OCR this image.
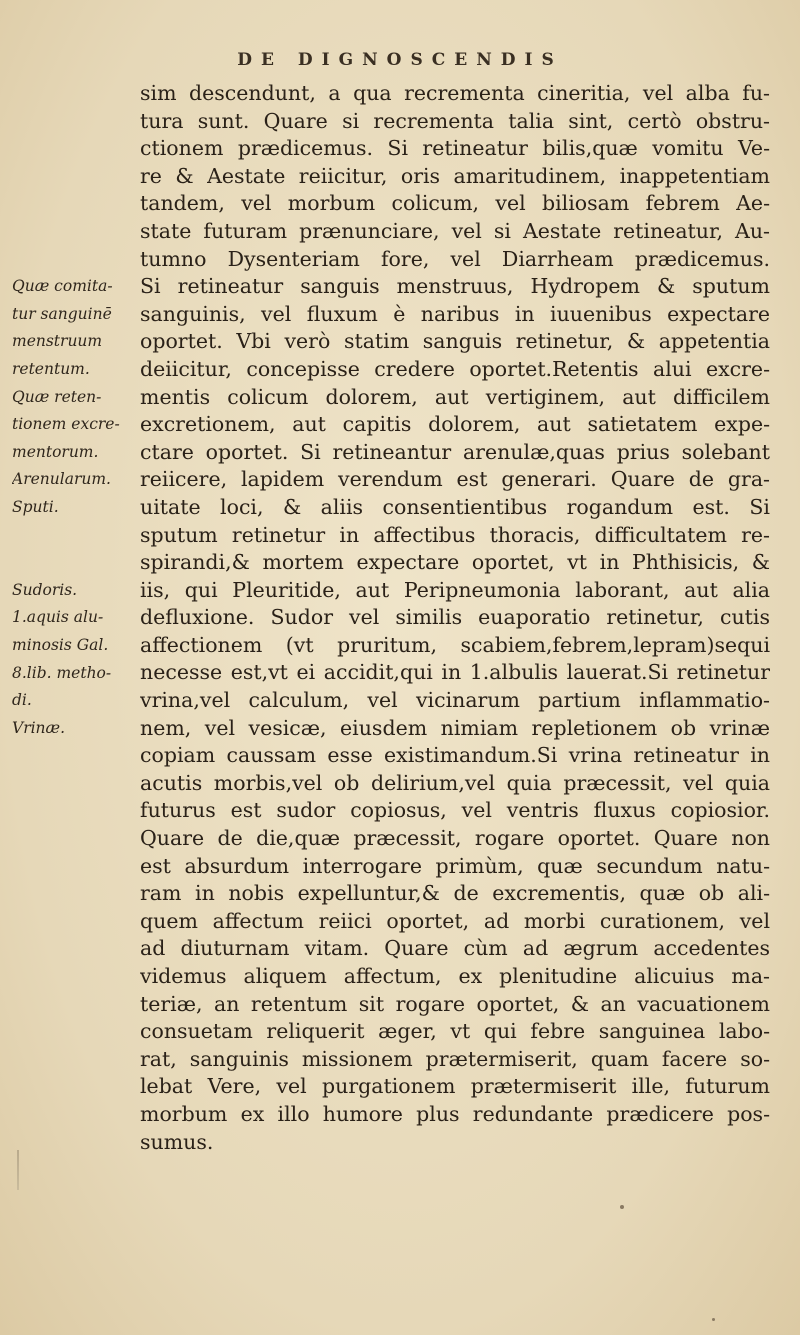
DE DIGNOSCENDIS
Quæ comita-
tur sanguinē
menstruum
retentum.
Quæ reten-
tionem excre-
mentorum.
Arenularum.
Sputi.
Sudoris.
1.aquis alu-
minosis Gal.
8.lib. metho-
di.
Vrinæ.
sim descendunt, a qua recrementa cineritia, vel alba fu-
tura sunt. Quare si recrementa talia sint, certò obstru-
ctionem prædicemus. Si retineatur bilis,quæ vomitu Ve-
re & Aestate reiicitur, oris amaritudinem, inappetentiam
tandem, vel morbum colicum, vel biliosam febrem Ae-
state futuram prænunciare, vel si Aestate retineatur, Au-
tumno Dysenteriam fore, vel Diarrheam prædicemus.
Si retineatur sanguis menstruus, Hydropem & sputum
sanguinis, vel fluxum è naribus in iuuenibus expectare
oportet. Vbi verò statim sanguis retinetur, & appetentia
deiicitur, concepisse credere oportet.Retentis alui excre-
mentis colicum dolorem, aut vertiginem, aut difficilem
excretionem, aut capitis dolorem, aut satietatem expe-
ctare oportet. Si retineantur arenulæ,quas prius solebant
reiicere, lapidem verendum est generari. Quare de gra-
uitate loci, & aliis consentientibus rogandum est. Si
sputum retinetur in affectibus thoracis, difficultatem re-
spirandi,& mortem expectare oportet, vt in Phthisicis, &
iis, qui Pleuritide, aut Peripneumonia laborant, aut alia
defluxione. Sudor vel similis euaporatio retinetur, cutis
affectionem (vt pruritum, scabiem,febrem,lepram)sequi
necesse est,vt ei accidit,qui in 1.albulis lauerat.Si retinetur
vrina,vel calculum, vel vicinarum partium inflammatio-
nem, vel vesicæ, eiusdem nimiam repletionem ob vrinæ
copiam caussam esse existimandum.Si vrina retineatur in
acutis morbis,vel ob delirium,vel quia præcessit, vel quia
futurus est sudor copiosus, vel ventris fluxus copiosior.
Quare de die,quæ præcessit, rogare oportet. Quare non
est absurdum interrogare primùm, quæ secundum natu-
ram in nobis expelluntur,& de excrementis, quæ ob ali-
quem affectum reiici oportet, ad morbi curationem, vel
ad diuturnam vitam. Quare cùm ad ægrum accedentes
videmus aliquem affectum, ex plenitudine alicuius ma-
teriæ, an retentum sit rogare oportet, & an vacuationem
consuetam reliquerit æger, vt qui febre sanguinea labo-
rat, sanguinis missionem prætermiserit, quam facere so-
lebat Vere, vel purgationem prætermiserit ille, futurum
morbum ex illo humore plus redundante prædicere pos-
sumus.
